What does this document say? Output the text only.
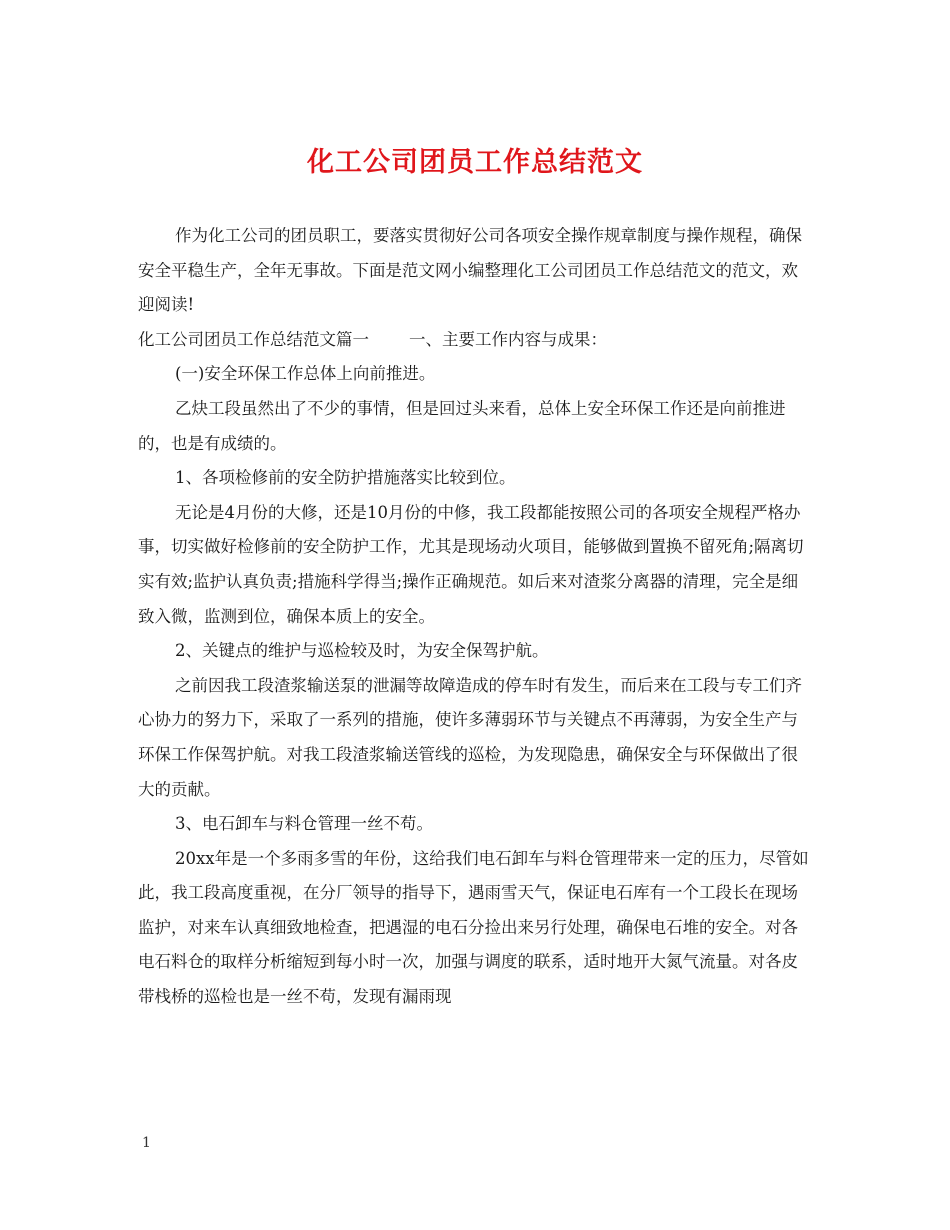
化工公司团员工作总结范文

作为化工公司的团员职工，要落实贯彻好公司各项安全操作规章制度与操作规程，确保安全平稳生产，全年无事故。下面是范文网小编整理化工公司团员工作总结范文的范文，欢迎阅读!

化工公司团员工作总结范文篇一 一、主要工作内容与成果：

(一)安全环保工作总体上向前推进。

乙炔工段虽然出了不少的事情，但是回过头来看，总体上安全环保工作还是向前推进的，也是有成绩的。

1、各项检修前的安全防护措施落实比较到位。

无论是4月份的大修，还是10月份的中修，我工段都能按照公司的各项安全规程严格办事，切实做好检修前的安全防护工作，尤其是现场动火项目，能够做到置换不留死角;隔离切实有效;监护认真负责;措施科学得当;操作正确规范。如后来对渣浆分离器的清理，完全是细致入微，监测到位，确保本质上的安全。

2、关键点的维护与巡检较及时，为安全保驾护航。

之前因我工段渣浆输送泵的泄漏等故障造成的停车时有发生，而后来在工段与专工们齐心协力的努力下，采取了一系列的措施，使许多薄弱环节与关键点不再薄弱，为安全生产与环保工作保驾护航。对我工段渣浆输送管线的巡检，为发现隐患，确保安全与环保做出了很大的贡献。

3、电石卸车与料仓管理一丝不苟。

20xx年是一个多雨多雪的年份，这给我们电石卸车与料仓管理带来一定的压力，尽管如此，我工段高度重视，在分厂领导的指导下，遇雨雪天气，保证电石库有一个工段长在现场监护，对来车认真细致地检查，把遇湿的电石分捡出来另行处理，确保电石堆的安全。对各电石料仓的取样分析缩短到每小时一次，加强与调度的联系，适时地开大氮气流量。对各皮带栈桥的巡检也是一丝不苟，发现有漏雨现

1
